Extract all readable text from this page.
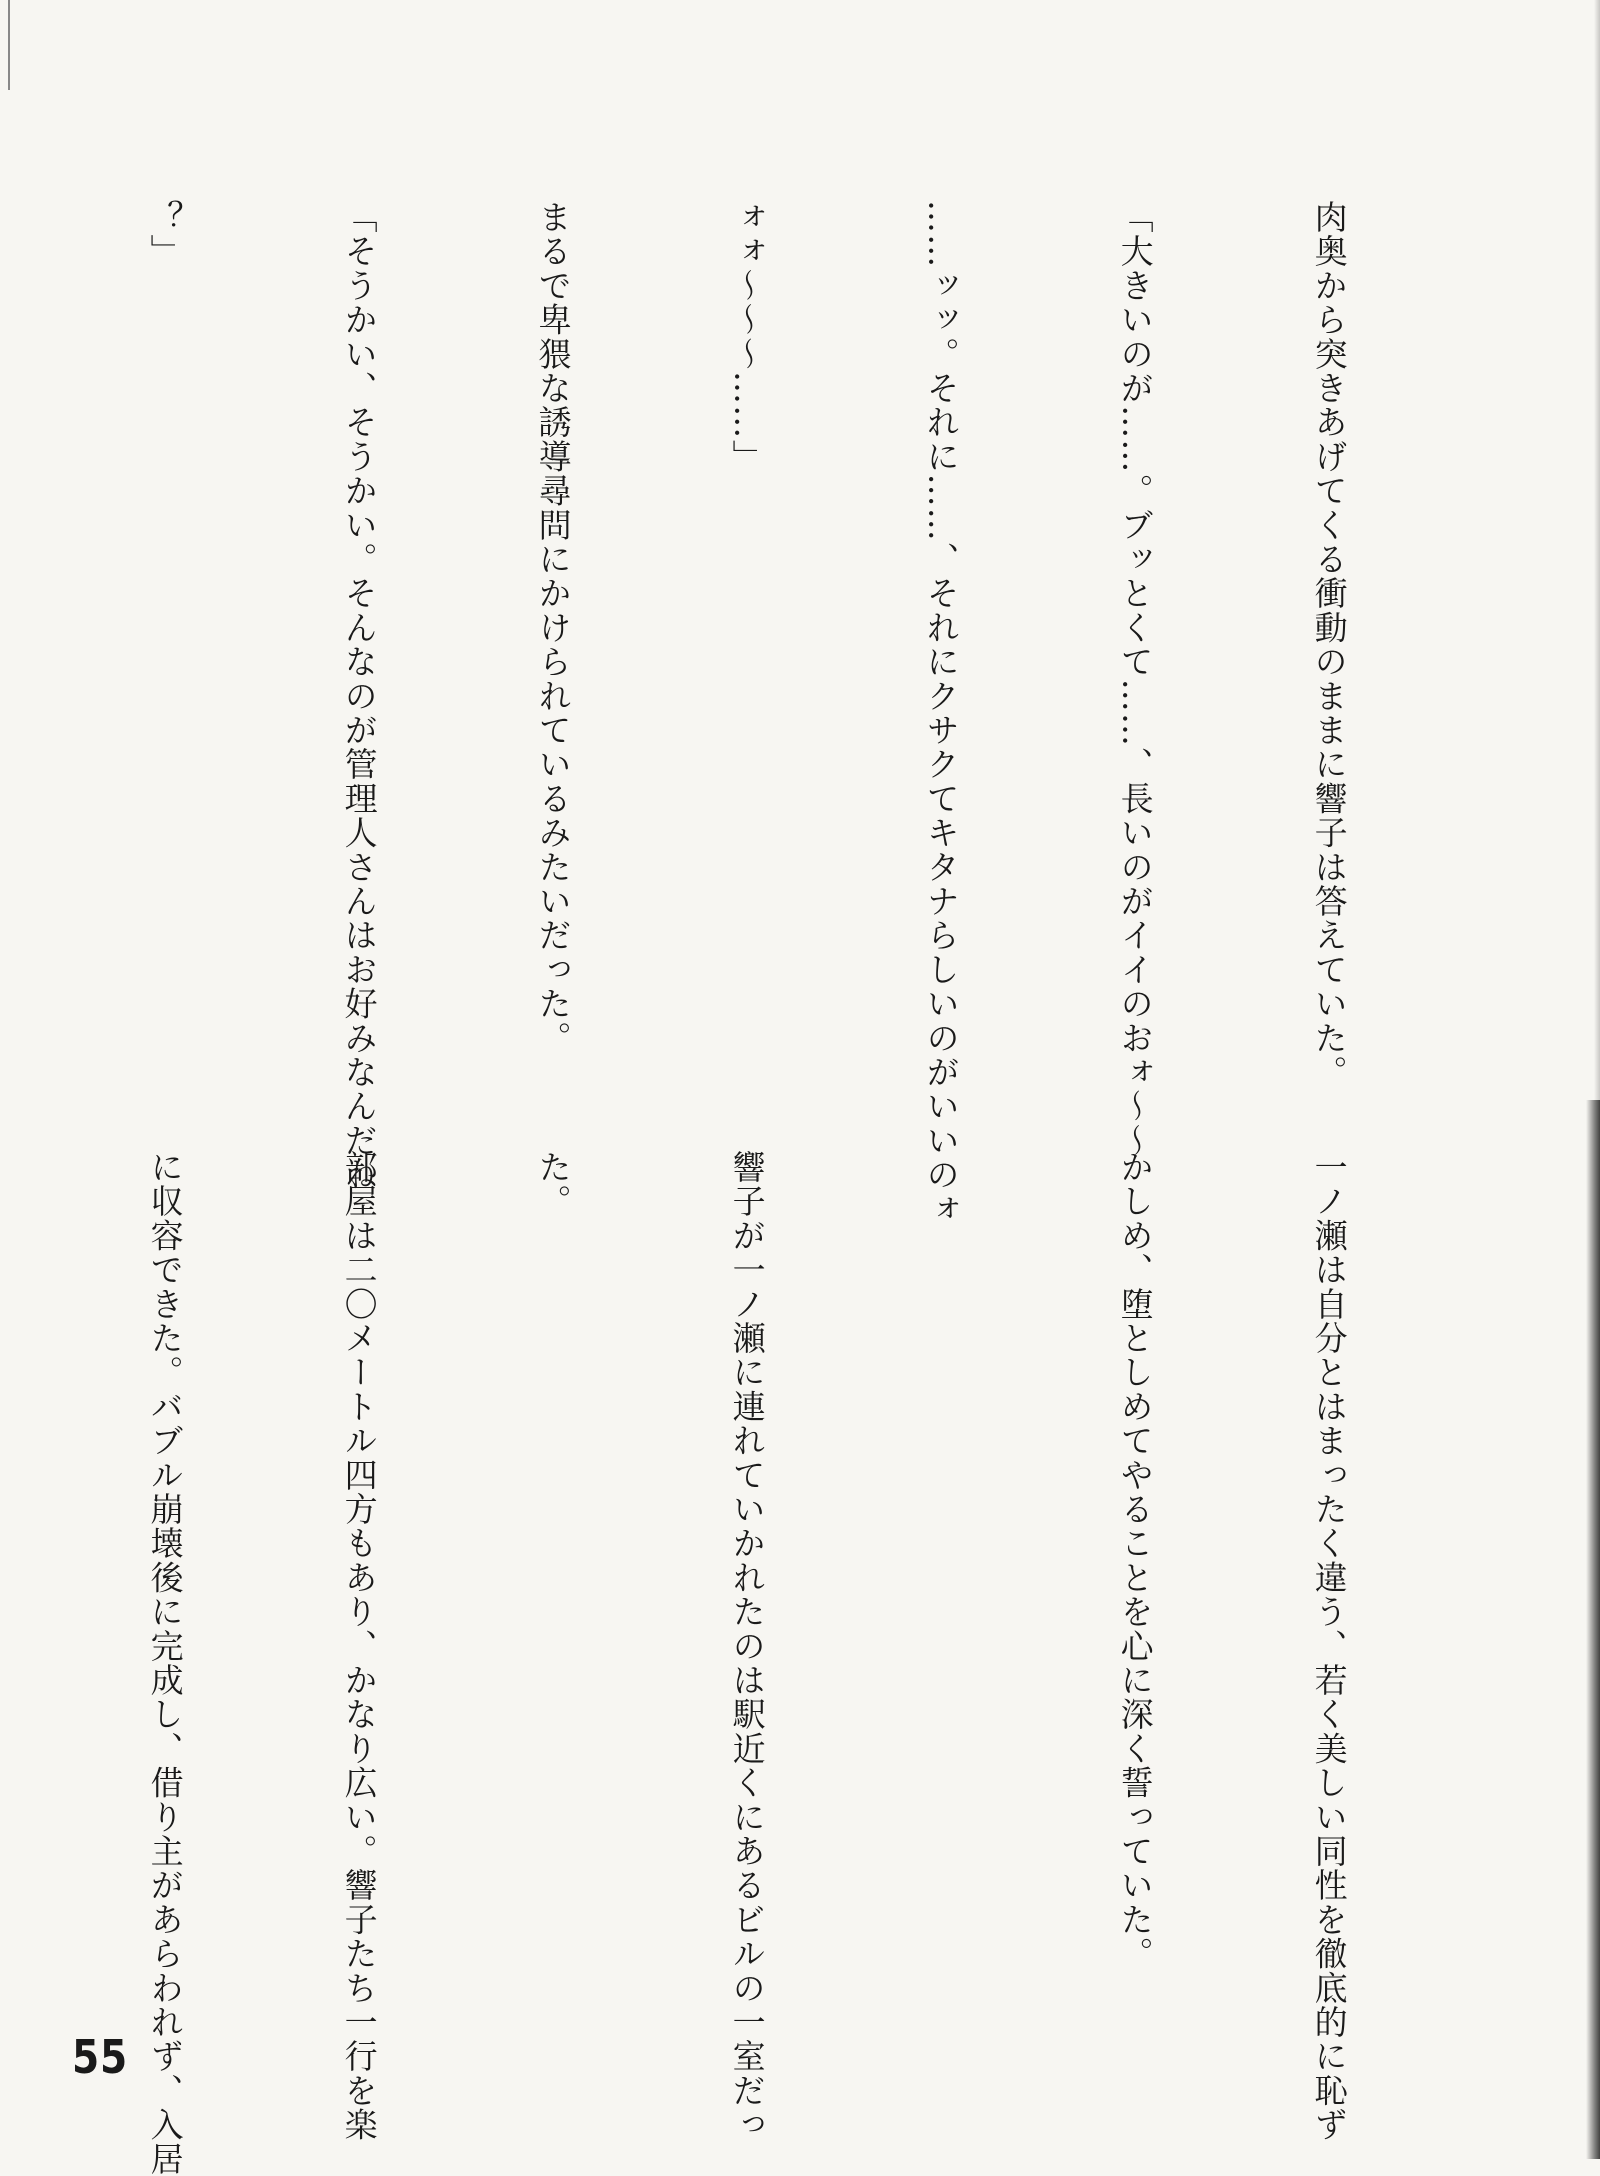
肉奥から突きあげてくる衝動のままに響子は答えていた。

「大きいのが……。ブッとくて……、長いのがイイのおォ〜〜

……ッッ。それに……、それにクサクてキタナらしいのがいいのォ

ォォ〜〜〜……」

まるで卑猥な誘導尋問にかけられているみたいだった。

「そうかい、そうかい。そんなのが管理人さんはお好みなんだね

？」

一ノ瀬は自分とはまったく違う、若く美しい同性を徹底的に恥ず

かしめ、堕としめてやることを心に深く誓っていた。

響子が一ノ瀬に連れていかれたのは駅近くにあるビルの一室だっ

た。

部屋は二〇メートル四方もあり、かなり広い。響子たち一行を楽

に収容できた。バブル崩壊後に完成し、借り主があらわれず、入居

55
